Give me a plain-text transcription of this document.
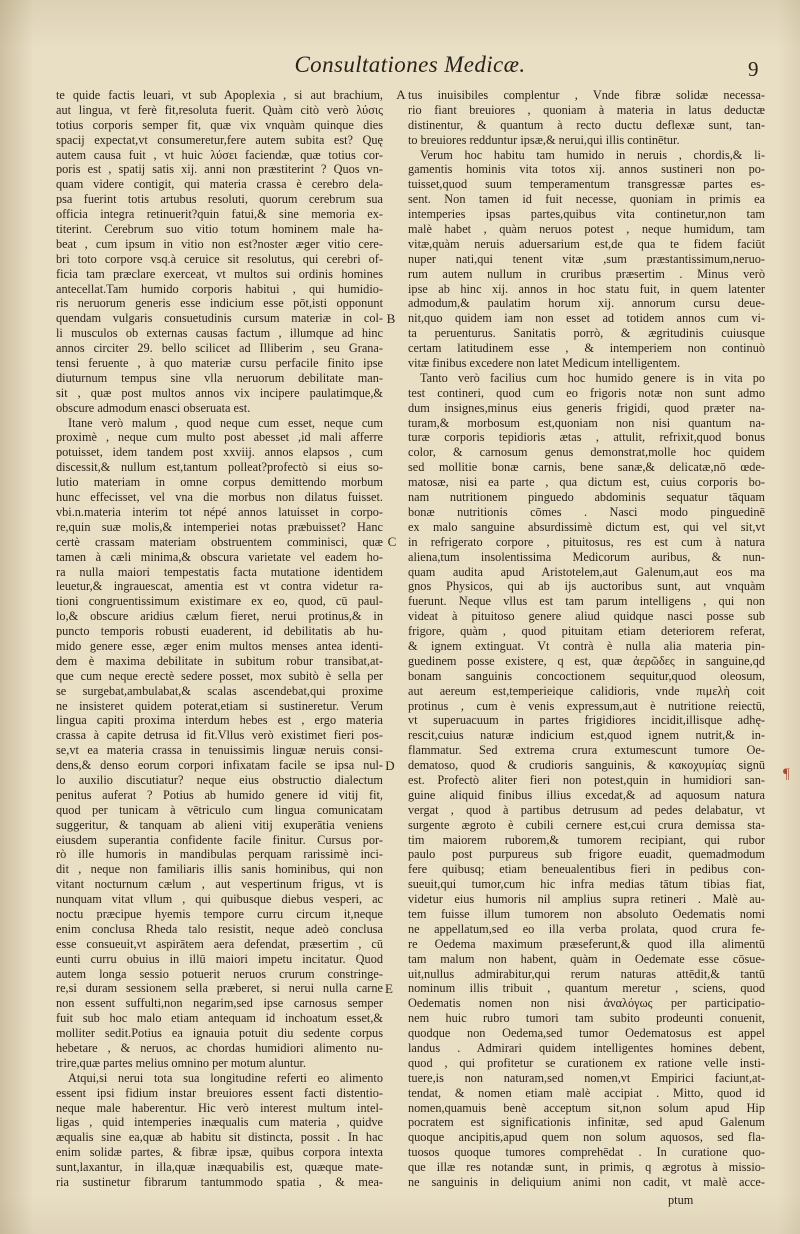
Consultationes Medicæ.	9
te quide factis leuari, vt sub Apoplexia , si aut brachium,
aut lingua, vt ferè fit,resoluta fuerit. Quàm citò verò λύσις
totius corporis semper fit, quæ vix vnquàm quinque dies
spacij expectat,vt consumeretur,fere autem subita est? Quę
autem causa fuit , vt huic λύσει faciendæ, quæ totius cor-
poris est , spatij satis xij. anni non præstiterint ? Quos vn-
quam videre contigit, qui materia crassa è cerebro dela-
psa fuerint totis artubus resoluti, quorum cerebrum sua
officia integra retinuerit?quin fatui,& sine memoria ex-
titerint. Cerebrum suo vitio totum hominem male ha-
beat , cum ipsum in vitio non est?noster æger vitio cere-
bri toto corpore vsq.à ceruice sit resolutus, qui cerebri of-
ficia tam præclare exerceat, vt multos sui ordinis homines
antecellat.Tam humido corporis habitui , qui humidio-
ris neruorum generis esse indicium esse pōt,isti opponunt
quendam vulgaris consuetudinis cursum materiæ in col-
li musculos ob externas causas factum , illumque ad hinc
annos circiter 29. bello scilicet ad Illiberim , seu Grana-
tensi feruente , à quo materiæ cursu perfacile finito ipse
diuturnum tempus sine vlla neruorum debilitate man-
sit , quæ post multos annos vix incipere paulatimque,&
obscure admodum enasci obseruata est.
Itane verò malum , quod neque cum esset, neque cum
proximè , neque cum multo post abesset ,id mali afferre
potuisset, idem tandem post xxviij. annos elapsos , cum
discessit,& nullum est,tantum polleat?profectò si eius so-
lutio materiam in omne corpus demittendo morbum
hunc effecisset, vel vna die morbus non dilatus fuisset.
vbi.n.materia interim tot népé annos latuisset in corpo-
re,quin suæ molis,& intemperiei notas præbuisset? Hanc
certè crassam materiam obstruentem comminisci, quæ
tamen à cæli minima,& obscura varietate vel eadem ho-
ra nulla maiori tempestatis facta mutatione identidem
leuetur,& ingrauescat, amentia est vt contra videtur ra-
tioni congruentissimum existimare ex eo, quod, cū paul-
lo,& obscure aridius cælum fieret, nerui protinus,& in
puncto temporis robusti euaderent, id debilitatis ab hu-
mido genere esse, æger enim multos menses antea identi-
dem è maxima debilitate in subitum robur transibat,at-
que cum neque erectè sedere posset, mox subitò è sella per
se surgebat,ambulabat,& scalas ascendebat,qui proxime
ne insisteret quidem poterat,etiam si sustineretur. Verum
lingua capiti proxima interdum hebes est , ergo materia
crassa à capite detrusa id fit.Vllus verò existimet fieri pos-
se,vt ea materia crassa in tenuissimis linguæ neruis consi-
dens,& denso eorum corpori infixatam facile se ipsa nul-
lo auxilio discutiatur? neque eius obstructio dialectum
penitus auferat ? Potius ab humido genere id vitij fit,
quod per tunicam à vētriculo cum lingua comunicatam
suggeritur, & tanquam ab alieni vitij exuperātia veniens
eiusdem superantia confidente facile finitur. Cursus por-
rò ille humoris in mandibulas perquam rarissimè inci-
dit , neque non familiaris illis sanis hominibus, qui non
vitant nocturnum cælum , aut vespertinum frigus, vt is
nunquam vitat vllum , qui quibusque diebus vesperi, ac
noctu præcipue hyemis tempore curru circum it,neque
enim conclusa Rheda talo resistit, neque adeò conclusa
esse consueuit,vt aspirātem aera defendat, præsertim , cū
eunti curru obuius in illū maiori impetu incitatur. Quod
autem longa sessio potuerit neruos crurum constringe-
re,si duram sessionem sella præberet, si nerui nulla carne
non essent suffulti,non negarim,sed ipse carnosus semper
fuit sub hoc malo etiam antequam id inchoatum esset,&
molliter sedit.Potius ea ignauia potuit diu sedente corpus
hebetare , & neruos, ac chordas humidiori alimento nu-
trire,quæ partes melius omnino per motum aluntur.
Atqui,si nerui tota sua longitudine referti eo alimento
essent ipsi fidium instar breuiores essent facti distentio-
neque male haberentur. Hic verò interest multum intel-
ligas , quid intemperies inæqualis cum materia , quidve
æqualis sine ea,quæ ab habitu sit distincta, possit . In hac
enim solidæ partes, & fibræ ipsæ, quibus corpora intexta
sunt,laxantur, in illa,quæ inæquabilis est, quæque mate-
ria sustinetur fibrarum tantummodo spatia , & mea-
tus inuisibiles complentur , Vnde fibræ solidæ necessa-
rio fiant breuiores , quoniam à materia in latus deductæ
distinentur, & quantum à recto ductu deflexæ sunt, tan-
to breuiores redduntur ipsæ,& nerui,qui illis continētur.
Verum hoc habitu tam humido in neruis , chordis,& li-
gamentis hominis vita totos xij. annos sustineri non po-
tuisset,quod suum temperamentum transgressæ partes es-
sent. Non tamen id fuit necesse, quoniam in primis ea
intemperies ipsas partes,quibus vita continetur,non tam
malè habet , quàm neruos potest , neque humidum, tam
vitæ,quàm neruis aduersarium est,de qua te fidem faciūt
nuper nati,qui tenent vitæ ,sum præstantissimum,neruo-
rum autem nullum in cruribus præsertim . Minus verò
ipse ab hinc xij. annos in hoc statu fuit, in quem latenter
admodum,& paulatim horum xij. annorum cursu deue-
nit,quo quidem iam non esset ad totidem annos cum vi-
ta peruenturus. Sanitatis porrò, & ægritudinis cuiusque
certam latitudinem esse , & intemperiem non continuò
vitæ finibus excedere non latet Medicum intelligentem.
Tanto verò facilius cum hoc humido genere is in vita po
test contineri, quod cum eo frigoris notæ non sunt admo
dum insignes,minus eius generis frigidi, quod præter na-
turam,& morbosum est,quoniam non nisi quantum na-
turæ corporis tepidioris ætas , attulit, refrixit,quod bonus
color, & carnosum genus demonstrat,molle hoc quidem
sed mollitie bonæ carnis, bene sanæ,& delicatæ,nō œde-
matosæ, nisi ea parte , qua dictum est, cuius corporis bo-
nam nutritionem pinguedo abdominis sequatur tāquam
bonæ nutritionis cōmes . Nasci modo pinguedinē
ex malo sanguine absurdissimè dictum est, qui vel sit,vt
in refrigerato corpore , pituitosus, res est cum à natura
aliena,tum insolentissima Medicorum auribus, & nun-
quam audita apud Aristotelem,aut Galenum,aut eos ma
gnos Physicos, qui ab ijs auctoribus sunt, aut vnquàm
fuerunt. Neque vllus est tam parum intelligens , qui non
videat à pituitoso genere aliud quidque nasci posse sub
frigore, quàm , quod pituitam etiam deteriorem referat,
& ignem extinguat. Vt contrà è nulla alia materia pin-
guedinem posse existere, q est, quæ ἀερῶδες in sanguine,qd
bonam sanguinis concoctionem sequitur,quod oleosum,
aut aereum est,temperieique calidioris, vnde πιμελὴ coit
protinus , cum è venis expressum,aut è nutritione reiectū,
vt superuacuum in partes frigidiores incidit,illisque adhę-
rescit,cuius naturæ indicium est,quod ignem nutrit,& in-
flammatur. Sed extrema crura extumescunt tumore Oe-
dematoso, quod & crudioris sanguinis, & κακοχυμίας signū
est. Profectò aliter fieri non potest,quin in humidiori san-
guine aliquid finibus illius excedat,& ad aquosum natura
vergat , quod à partibus detrusum ad pedes delabatur, vt
surgente ægroto è cubili cernere est,cui crura demissa sta-
tim maiorem ruborem,& tumorem recipiant, qui rubor
paulo post purpureus sub frigore euadit, quemadmodum
fere quibusq; etiam beneualentibus fieri in pedibus con-
sueuit,qui tumor,cum hic infra medias tātum tibias fiat,
videtur eius humoris nil amplius supra retineri . Malè au-
tem fuisse illum tumorem non absoluto Oedematis nomi
ne appellatum,sed eo illa verba prolata, quod crura fe-
re Oedema maximum præseferunt,& quod illa alimentū
tam malum non habent, quàm in Oedemate esse cōsue-
uit,nullus admirabitur,qui rerum naturas attēdit,& tantū
nominum illis tribuit , quantum meretur , sciens, quod
Oedematis nomen non nisi ἀναλόγως per participatio-
nem huic rubro tumori tam subito prodeunti conuenit,
quodque non Oedema,sed tumor Oedematosus est appel
landus . Admirari quidem intelligentes homines debent,
quod , qui profitetur se curationem ex ratione velle insti-
tuere,is non naturam,sed nomen,vt Empirici faciunt,at-
tendat, & nomen etiam malè accipiat . Mitto, quod id
nomen,quamuis benè acceptum sit,non solum apud Hip
pocratem est significationis infinitæ, sed apud Galenum
quoque ancipitis,apud quem non solum aquosos, sed fla-
tuosos quoque tumores comprehēdat . In curatione quo-
que illæ res notandæ sunt, in primis, q ægrotus à missio-
ne sanguinis in deliquium animi non cadit, vt malè acce-
A
B
C
D
E
ptum
¶
